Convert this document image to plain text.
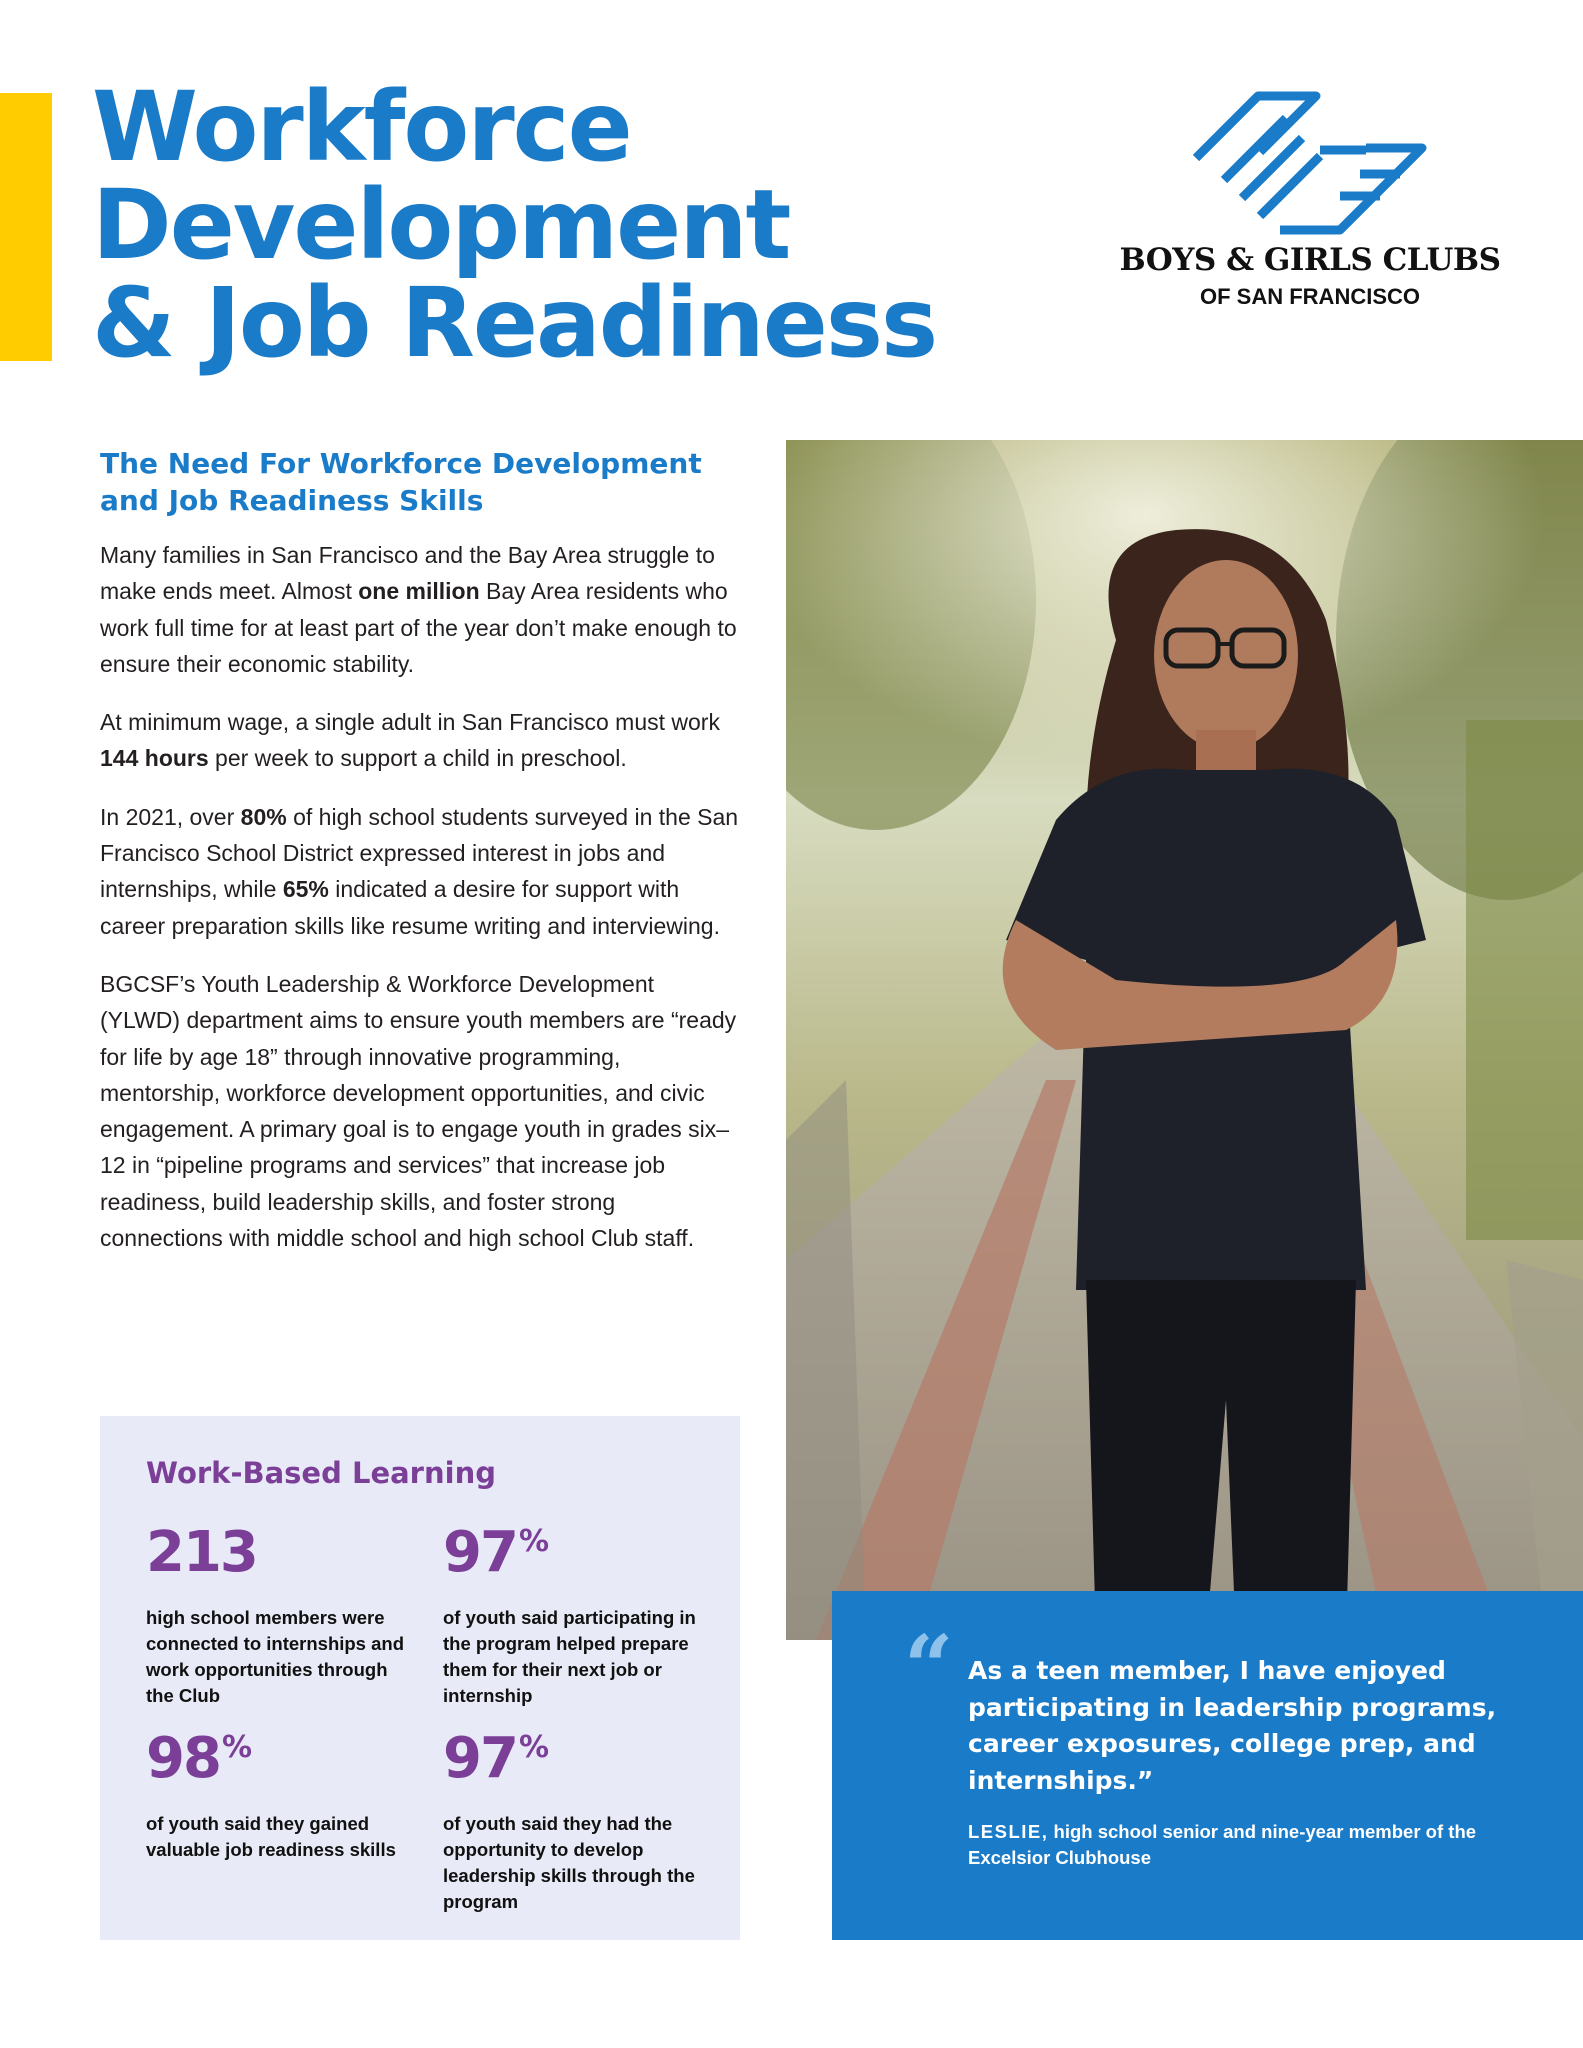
Workforce
Development
& Job Readiness
BOYS & GIRLS CLUBS
OF SAN FRANCISCO
The Need For Workforce Development
and Job Readiness Skills

Many families in San Francisco and the Bay Area struggle to make ends meet. Almost one million Bay Area residents who work full time for at least part of the year don’t make enough to ensure their economic stability.

At minimum wage, a single adult in San Francisco must work 144 hours per week to support a child in preschool.

In 2021, over 80% of high school students surveyed in the San Francisco School District expressed interest in jobs and internships, while 65% indicated a desire for support with career preparation skills like resume writing and interviewing.

BGCSF’s Youth Leadership & Workforce Development (YLWD) department aims to ensure youth members are “ready for life by age 18” through innovative programming, mentorship, workforce development opportunities, and civic engagement. A primary goal is to engage youth in grades six–12 in “pipeline programs and services” that increase job readiness, build leadership skills, and foster strong connections with middle school and high school Club staff.

Work-Based Learning
213
high school members were connected to internships and work opportunities through the Club
97%
of youth said participating in the program helped prepare them for their next job or internship
98%
of youth said they gained valuable job readiness skills
97%
of youth said they had the opportunity to develop leadership skills through the program
“ As a teen member, I have enjoyed participating in leadership programs, career exposures, college prep, and internships.”

LESLIE, high school senior and nine-year member of the Excelsior Clubhouse
